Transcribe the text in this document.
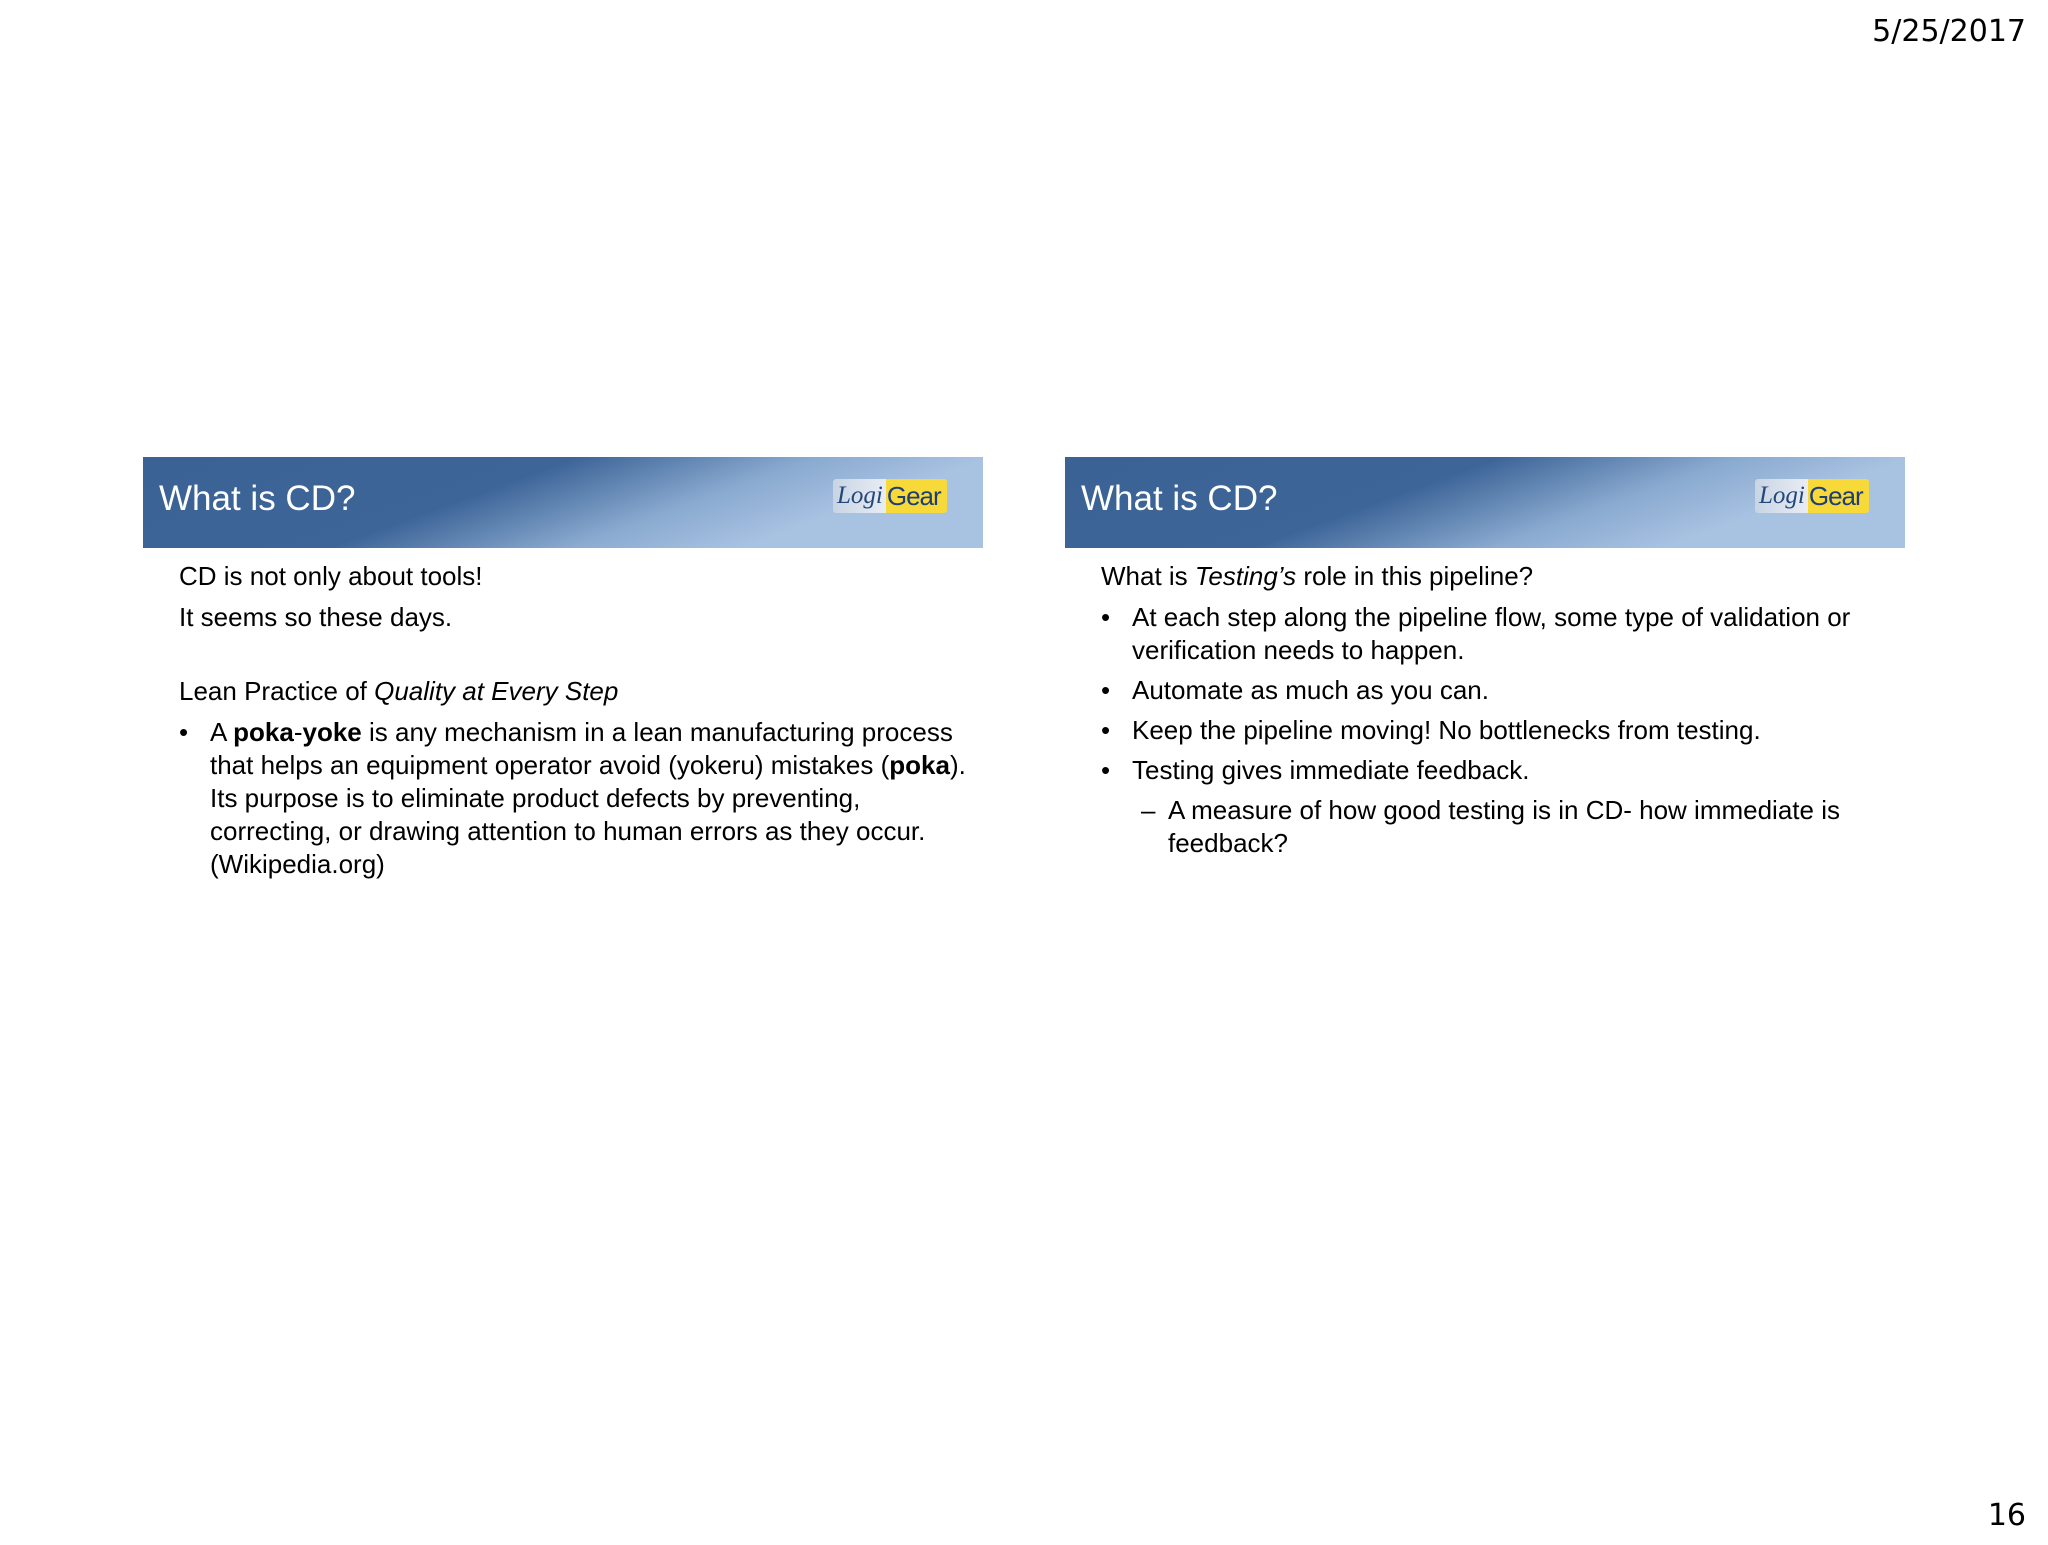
5/25/2017
What is CD?	Logi Gear
CD is not only about tools!
It seems so these days.
Lean Practice of Quality at Every Step
• A poka-yoke is any mechanism in a lean manufacturing process that helps an equipment operator avoid (yokeru) mistakes (poka). Its purpose is to eliminate product defects by preventing, correcting, or drawing attention to human errors as they occur. (Wikipedia.org)
What is CD?	Logi Gear
What is Testing’s role in this pipeline?
• At each step along the pipeline flow, some type of validation or verification needs to happen.
• Automate as much as you can.
• Keep the pipeline moving! No bottlenecks from testing.
• Testing gives immediate feedback.
– A measure of how good testing is in CD- how immediate is feedback?
16
